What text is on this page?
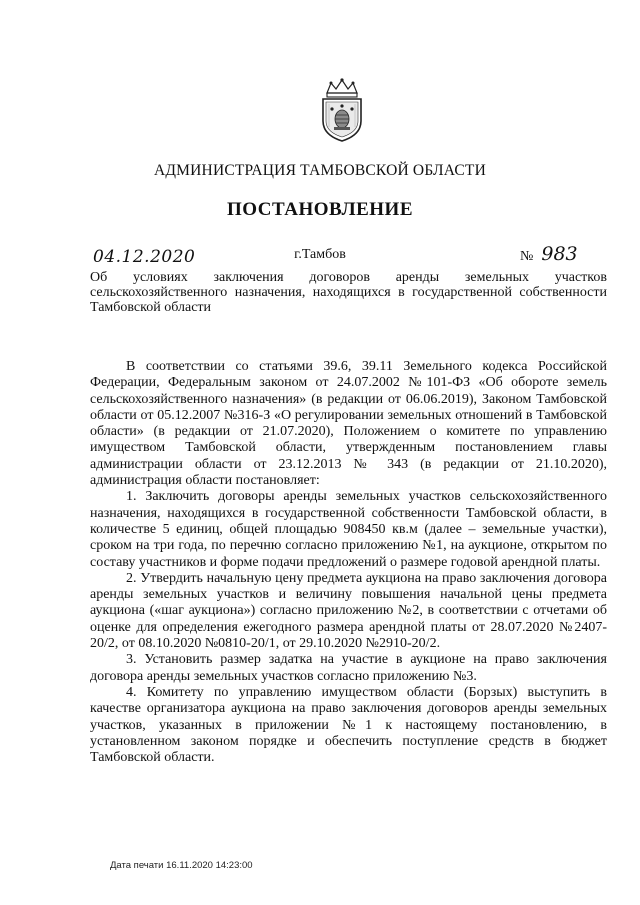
АДМИНИСТРАЦИЯ ТАМБОВСКОЙ ОБЛАСТИ
ПОСТАНОВЛЕНИЕ
04.12.2020	г.Тамбов	№ 983
Об условиях заключения договоров аренды земельных участков сельскохозяйственного назначения, находящихся в государственной собственности Тамбовской области

В соответствии со статьями 39.6, 39.11 Земельного кодекса Российской Федерации, Федеральным законом от 24.07.2002 №101-ФЗ «Об обороте земель сельскохозяйственного назначения» (в редакции от 06.06.2019), Законом Тамбовской области от 05.12.2007 №316-З «О регулировании земельных отношений в Тамбовской области» (в редакции от 21.07.2020), Положением о комитете по управлению имуществом Тамбовской области, утвержденным постановлением главы администрации области от 23.12.2013 № 343 (в редакции от 21.10.2020), администрация области постановляет:

1. Заключить договоры аренды земельных участков сельскохозяйственного назначения, находящихся в государственной собственности Тамбовской области, в количестве 5 единиц, общей площадью 908450 кв.м (далее – земельные участки), сроком на три года, по перечню согласно приложению №1, на аукционе, открытом по составу участников и форме подачи предложений о размере годовой арендной платы.

2. Утвердить начальную цену предмета аукциона на право заключения договора аренды земельных участков и величину повышения начальной цены предмета аукциона («шаг аукциона») согласно приложению №2, в соответствии с отчетами об оценке для определения ежегодного размера арендной платы от 28.07.2020 №2407-20/2, от 08.10.2020 №0810-20/1, от 29.10.2020 №2910-20/2.

3. Установить размер задатка на участие в аукционе на право заключения договора аренды земельных участков согласно приложению №3.

4. Комитету по управлению имуществом области (Борзых) выступить в качестве организатора аукциона на право заключения договоров аренды земельных участков, указанных в приложении №1 к настоящему постановлению, в установленном законом порядке и обеспечить поступление средств в бюджет Тамбовской области.

Дата печати 16.11.2020 14:23:00
